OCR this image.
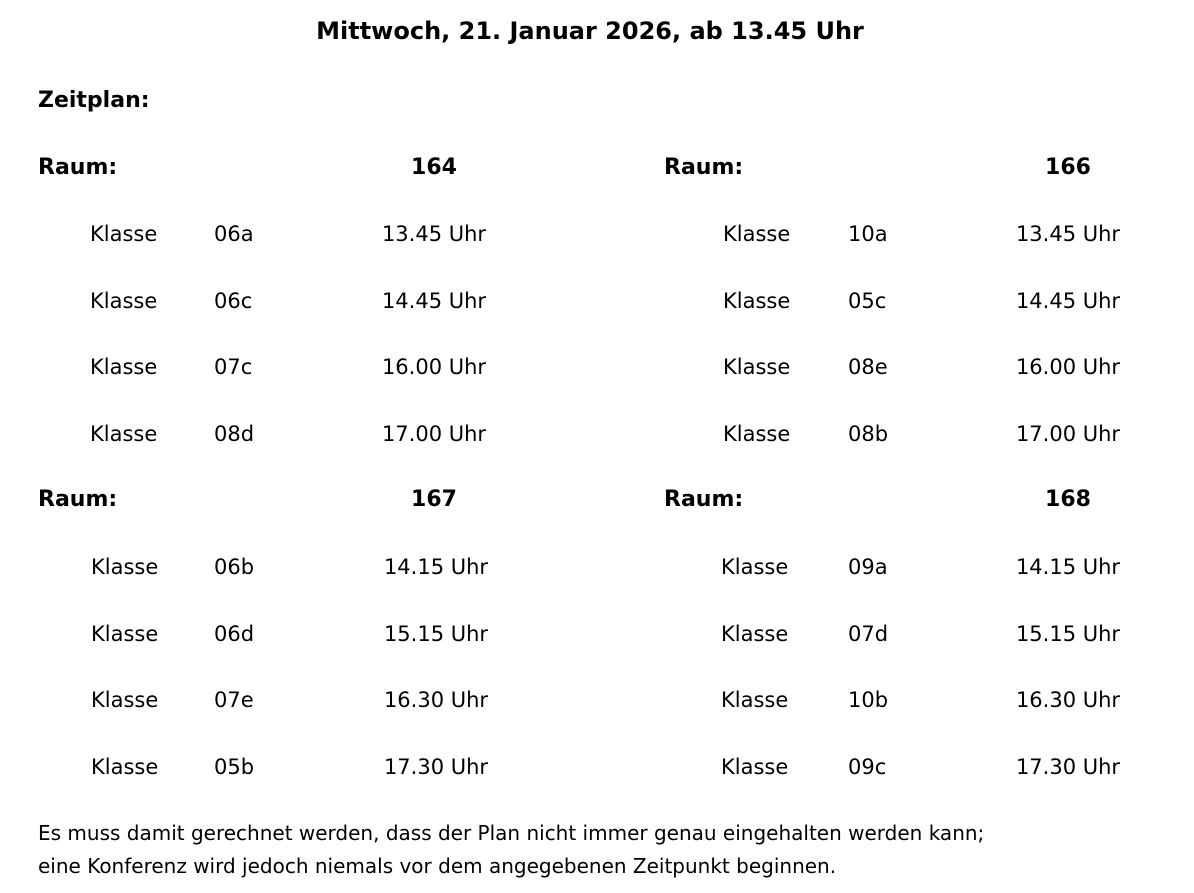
Mittwoch, 21. Januar 2026, ab 13.45 Uhr
Zeitplan:
Raum:	164
Klasse	06a	13.45 Uhr
Klasse	06c	14.45 Uhr
Klasse	07c	16.00 Uhr
Klasse	08d	17.00 Uhr
Raum:	166
Klasse	10a	13.45 Uhr
Klasse	05c	14.45 Uhr
Klasse	08e	16.00 Uhr
Klasse	08b	17.00 Uhr
Raum:	167
Klasse	06b	14.15 Uhr
Klasse	06d	15.15 Uhr
Klasse	07e	16.30 Uhr
Klasse	05b	17.30 Uhr
Raum:	168
Klasse	09a	14.15 Uhr
Klasse	07d	15.15 Uhr
Klasse	10b	16.30 Uhr
Klasse	09c	17.30 Uhr

Es muss damit gerechnet werden, dass der Plan nicht immer genau eingehalten werden kann;

eine Konferenz wird jedoch niemals vor dem angegebenen Zeitpunkt beginnen.
